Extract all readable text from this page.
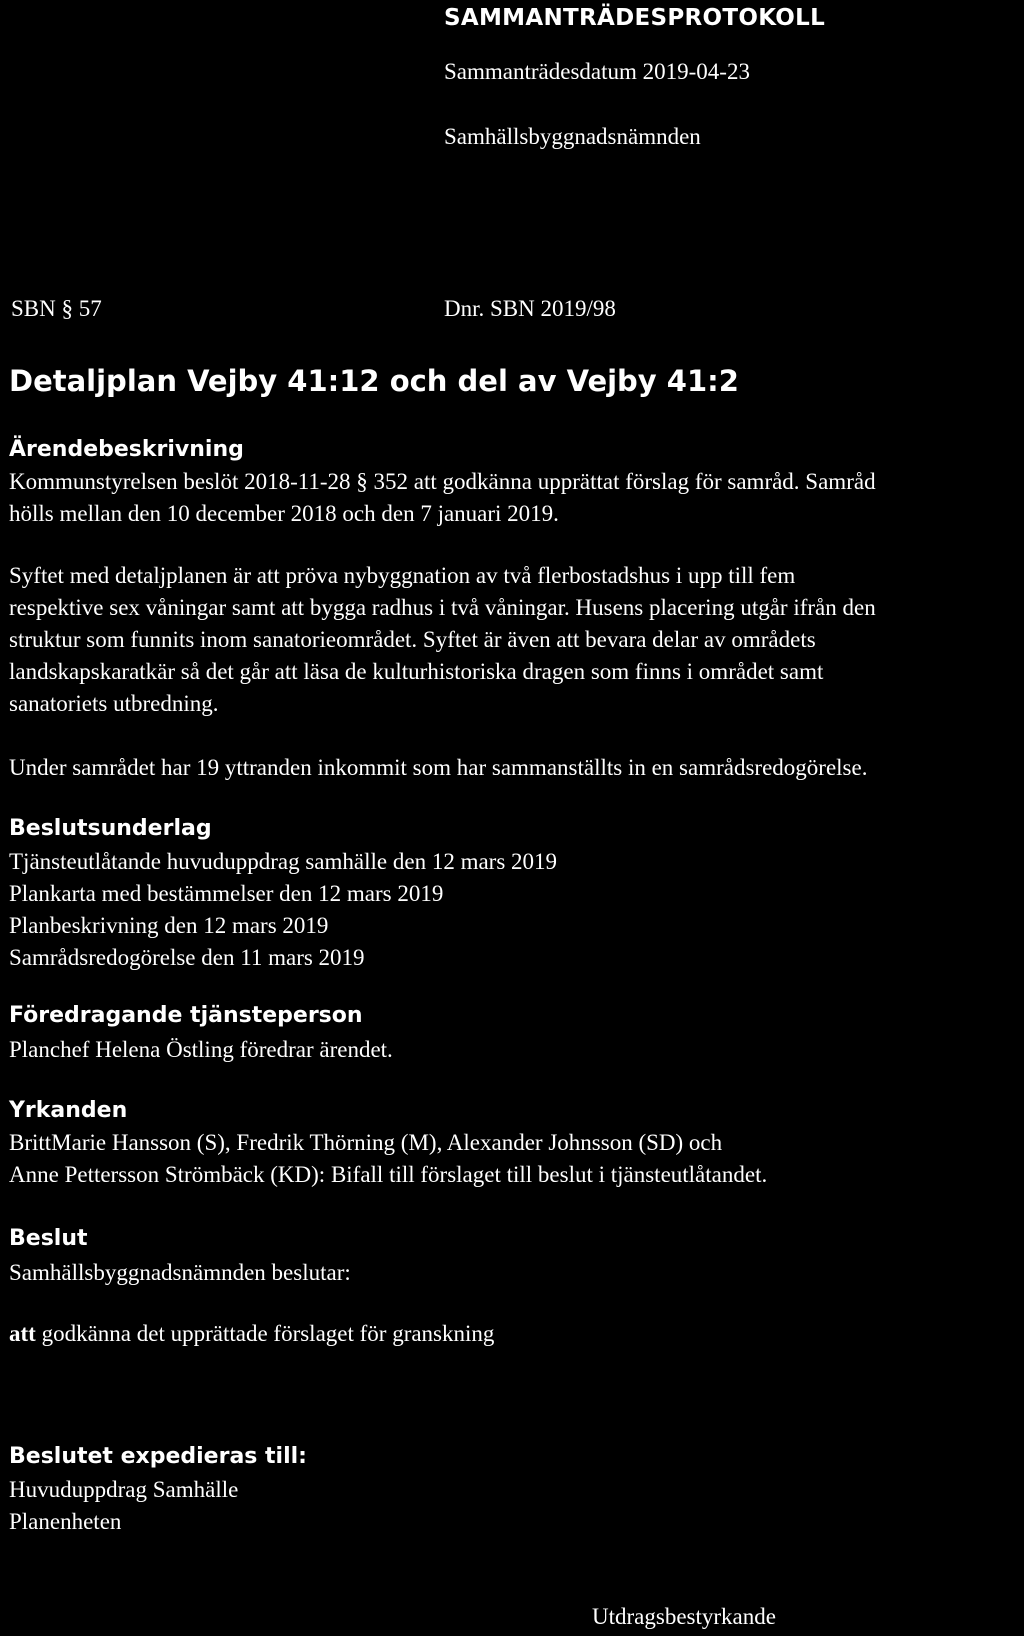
SAMMANTRÄDESPROTOKOLL
Sammanträdesdatum 2019-04-23
Samhällsbyggnadsnämnden
SBN § 57	Dnr. SBN 2019/98
Detaljplan Vejby 41:12 och del av Vejby 41:2
Ärendebeskrivning

Kommunstyrelsen beslöt 2018-11-28 § 352 att godkänna upprättat förslag för samråd. Samråd

hölls mellan den 10 december 2018 och den 7 januari 2019.

Syftet med detaljplanen är att pröva nybyggnation av två flerbostadshus i upp till fem

respektive sex våningar samt att bygga radhus i två våningar. Husens placering utgår ifrån den

struktur som funnits inom sanatorieområdet. Syftet är även att bevara delar av områdets

landskapskaratkär så det går att läsa de kulturhistoriska dragen som finns i området samt

sanatoriets utbredning.

Under samrådet har 19 yttranden inkommit som har sammanställts in en samrådsredogörelse.

Beslutsunderlag

Tjänsteutlåtande huvuduppdrag samhälle den 12 mars 2019

Plankarta med bestämmelser den 12 mars 2019

Planbeskrivning den 12 mars 2019

Samrådsredogörelse den 11 mars 2019

Föredragande tjänsteperson

Planchef Helena Östling föredrar ärendet.

Yrkanden

BrittMarie Hansson (S), Fredrik Thörning (M), Alexander Johnsson (SD) och

Anne Pettersson Strömbäck (KD): Bifall till förslaget till beslut i tjänsteutlåtandet.

Beslut

Samhällsbyggnadsnämnden beslutar:

att godkänna det upprättade förslaget för granskning

Beslutet expedieras till:

Huvuduppdrag Samhälle

Planenheten

Utdragsbestyrkande
